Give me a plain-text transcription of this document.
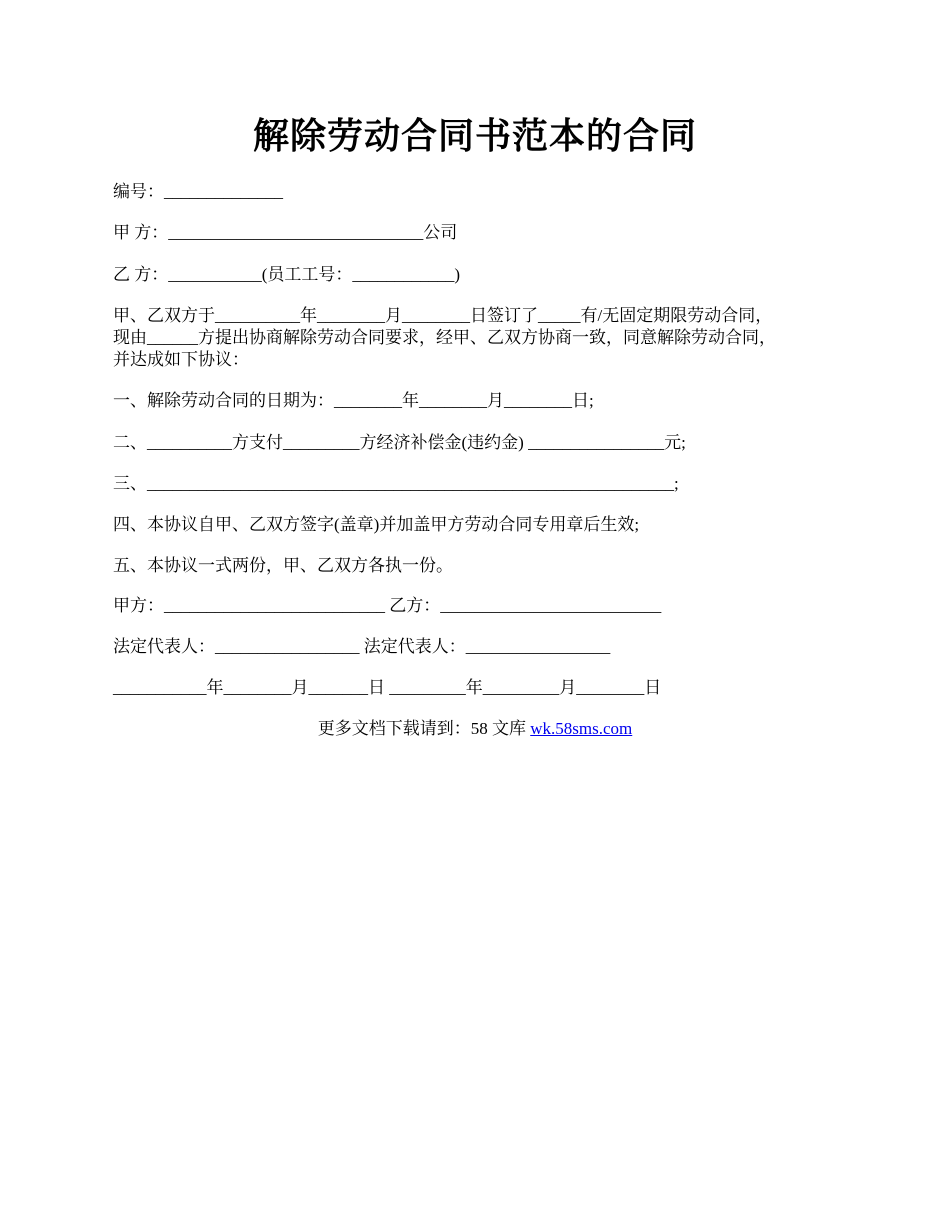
解除劳动合同书范本的合同
编号：______________
甲 方：______________________________公司
乙 方：___________(员工工号：____________)
甲、乙双方于__________年________月________日签订了_____有/无固定期限劳动合同，
现由______方提出协商解除劳动合同要求，经甲、乙双方协商一致，同意解除劳动合同，
并达成如下协议：
一、解除劳动合同的日期为：________年________月________日;
二、__________方支付_________方经济补偿金(违约金) ________________元;
三、______________________________________________________________;
四、本协议自甲、乙双方签字(盖章)并加盖甲方劳动合同专用章后生效;
五、本协议一式两份，甲、乙双方各执一份。
甲方：__________________________ 乙方：__________________________
法定代表人：_________________ 法定代表人：_________________
___________年________月_______日 _________年_________月________日
更多文档下载请到：58 文库 wk.58sms.com
